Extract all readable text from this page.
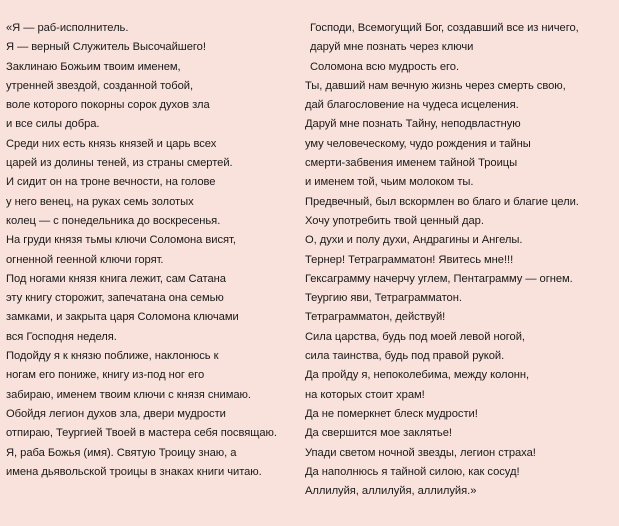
«Я — раб-исполнитель.
Я — верный Служитель Высочайшего!
Заклинаю Божьим твоим именем,
утренней звездой, созданной тобой,
воле которого покорны сорок духов зла
и все силы добра.
Среди них есть князь князей и царь всех
царей из долины теней, из страны смертей.
И сидит он на троне вечности, на голове
у него венец, на руках семь золотых
колец — с понедельника до воскресенья.
На груди князя тьмы ключи Соломона висят,
огненной геенной ключи горят.
Под ногами князя книга лежит, сам Сатана
эту книгу сторожит, запечатана она семью
замками, и закрыта царя Соломона ключами
вся Господня неделя.
Подойду я к князю поближе, наклонюсь к
ногам его пониже, книгу из-под ног его
забираю, именем твоим ключи с князя снимаю.
Обойдя легион духов зла, двери мудрости
отпираю, Теургией Твоей в мастера себя посвящаю.
Я, раба Божья (имя). Святую Троицу знаю, а
имена дьявольской троицы в знаках книги читаю.
Господи, Всемогущий Бог, создавший все из ничего,
даруй мне познать через ключи
Соломона всю мудрость его.
Ты, давший нам вечную жизнь через смерть свою,
дай благословение на чудеса исцеления.
Даруй мне познать Тайну, неподвластную
уму человеческому, чудо рождения и тайны
смерти-забвения именем тайной Троицы
и именем той, чьим молоком ты.
Предвечный, был вскормлен во благо и благие цели.
Хочу употребить твой ценный дар.
О, духи и полу духи, Андрагины и Ангелы.
Тернер! Тетраграмматон! Явитесь мне!!!
Гексаграмму начерчу углем, Пентаграмму — огнем.
Теургию яви, Тетраграмматон.
Тетраграмматон, действуй!
Сила царства, будь под моей левой ногой,
сила таинства, будь под правой рукой.
Да пройду я, непоколебима, между колонн,
на которых стоит храм!
Да не померкнет блеск мудрости!
Да свершится мое заклятье!
Упади светом ночной звезды, легион страха!
Да наполнюсь я тайной силою, как сосуд!
Аллилуйя, аллилуйя, аллилуйя.»
